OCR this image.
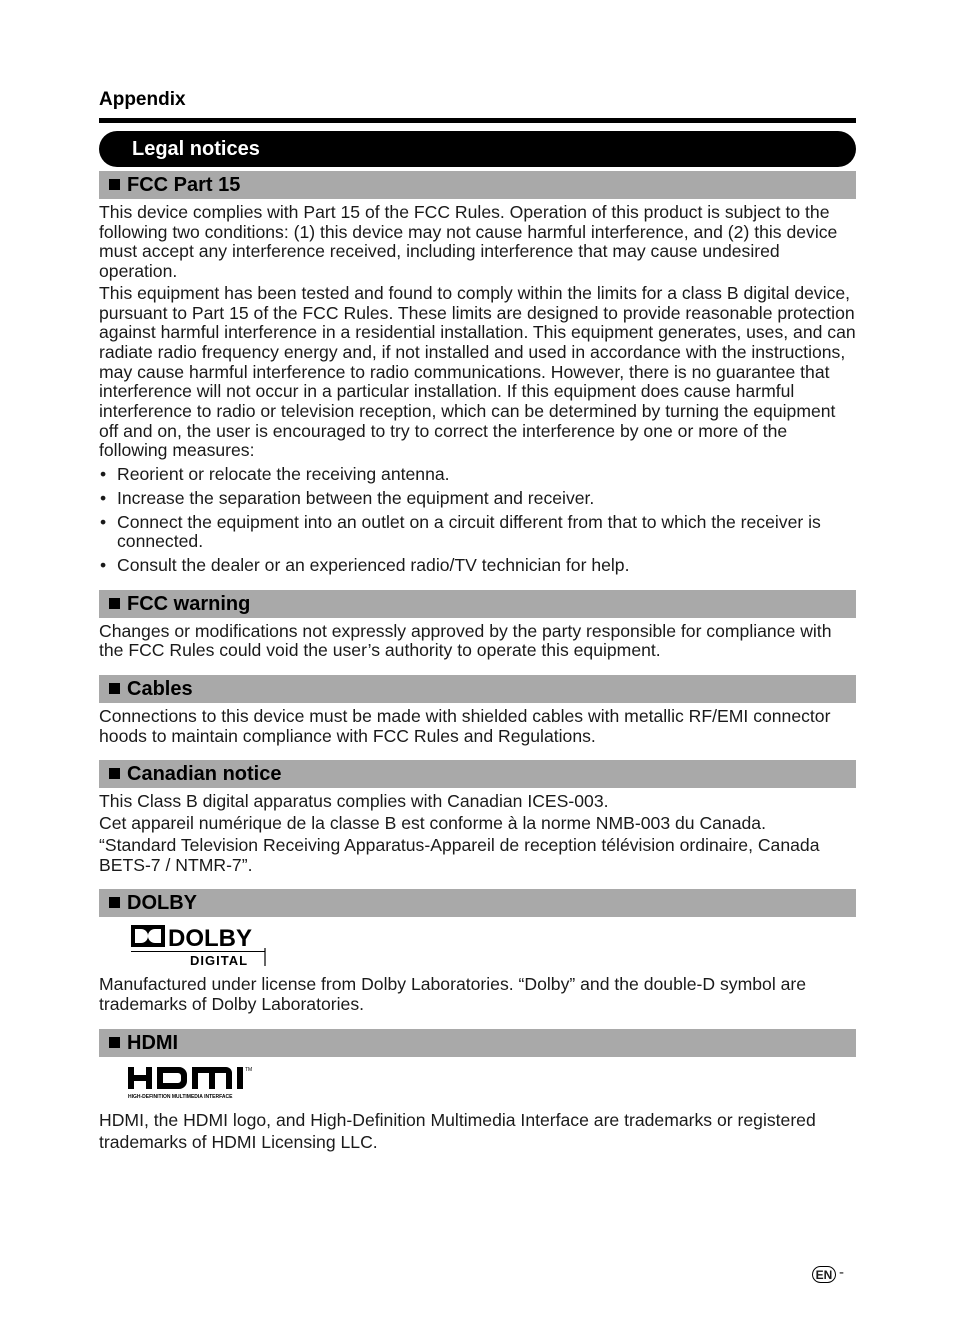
Appendix
Legal notices
FCC Part 15

This device complies with Part 15 of the FCC Rules. Operation of this product is subject to the following two conditions: (1) this device may not cause harmful interference, and (2) this device must accept any interference received, including interference that may cause undesired operation.

This equipment has been tested and found to comply within the limits for a class B digital device, pursuant to Part 15 of the FCC Rules. These limits are designed to provide reasonable protection against harmful interference in a residential installation. This equipment generates, uses, and can radiate radio frequency energy and, if not installed and used in accordance with the instructions, may cause harmful interference to radio communications. However, there is no guarantee that interference will not occur in a particular installation. If this equipment does cause harmful interference to radio or television reception, which can be determined by turning the equipment off and on, the user is encouraged to try to correct the interference by one or more of the following measures:

• Reorient or relocate the receiving antenna.
• Increase the separation between the equipment and receiver.
• Connect the equipment into an outlet on a circuit different from that to which the receiver is connected.
• Consult the dealer or an experienced radio/TV technician for help.
FCC warning

Changes or modifications not expressly approved by the party responsible for compliance with the FCC Rules could void the user’s authority to operate this equipment.

Cables

Connections to this device must be made with shielded cables with metallic RF/EMI connector hoods to maintain compliance with FCC Rules and Regulations.

Canadian notice

This Class B digital apparatus complies with Canadian ICES-003.

Cet appareil numérique de la classe B est conforme à la norme NMB-003 du Canada.

“Standard Television Receiving Apparatus-Appareil de reception télévision ordinaire, Canada BETS-7 / NTMR-7”.

DOLBY
DOLBY
DIGITAL

Manufactured under license from Dolby Laboratories. “Dolby” and the double-D symbol are trademarks of Dolby Laboratories.

HDMI
TM
HIGH-DEFINITION MULTIMEDIA INTERFACE

HDMI, the HDMI logo, and High-Definition Multimedia Interface are trademarks or registered trademarks of HDMI Licensing LLC.

EN -
